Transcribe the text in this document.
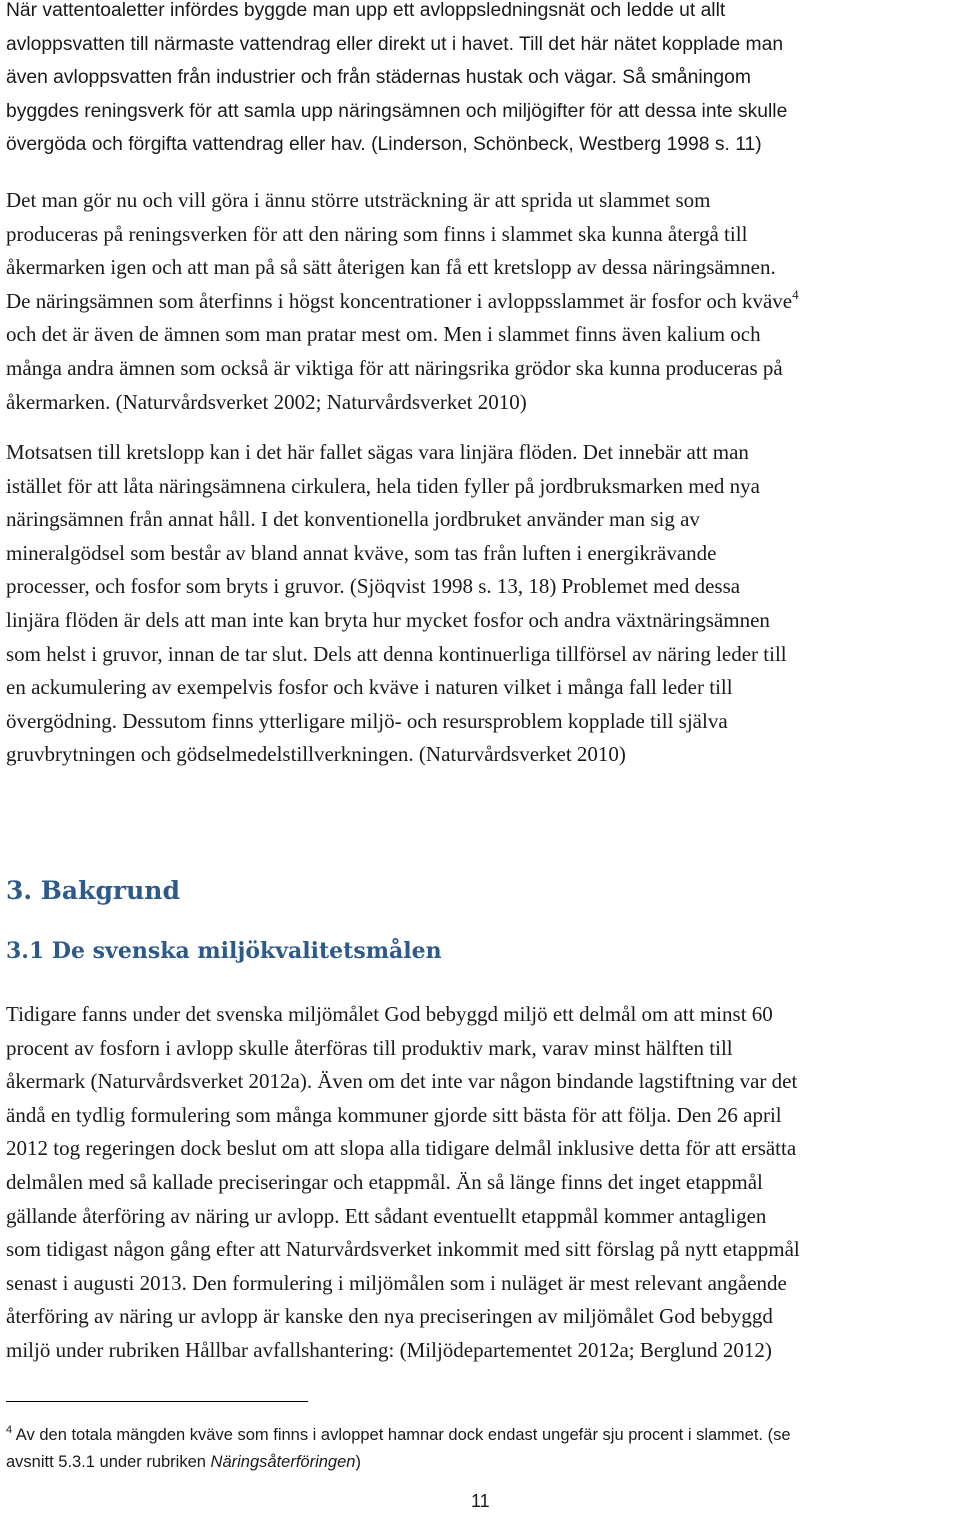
När vattentoaletter infördes byggde man upp ett avloppsledningsnät och ledde ut allt
avloppsvatten till närmaste vattendrag eller direkt ut i havet. Till det här nätet kopplade man
även avloppsvatten från industrier och från städernas hustak och vägar. Så småningom
byggdes reningsverk för att samla upp näringsämnen och miljögifter för att dessa inte skulle
övergöda och förgifta vattendrag eller hav. (Linderson, Schönbeck, Westberg 1998 s. 11)

Det man gör nu och vill göra i ännu större utsträckning är att sprida ut slammet som
produceras på reningsverken för att den näring som finns i slammet ska kunna återgå till
åkermarken igen och att man på så sätt återigen kan få ett kretslopp av dessa näringsämnen.
De näringsämnen som återfinns i högst koncentrationer i avloppsslammet är fosfor och kväve$^4$
och det är även de ämnen som man pratar mest om. Men i slammet finns även kalium och
många andra ämnen som också är viktiga för att näringsrika grödor ska kunna produceras på
åkermarken. (Naturvårdsverket 2002; Naturvårdsverket 2010)

Motsatsen till kretslopp kan i det här fallet sägas vara linjära flöden. Det innebär att man
istället för att låta näringsämnena cirkulera, hela tiden fyller på jordbruksmarken med nya
näringsämnen från annat håll. I det konventionella jordbruket använder man sig av
mineralgödsel som består av bland annat kväve, som tas från luften i energikrävande
processer, och fosfor som bryts i gruvor. (Sjöqvist 1998 s. 13, 18) Problemet med dessa
linjära flöden är dels att man inte kan bryta hur mycket fosfor och andra växtnäringsämnen
som helst i gruvor, innan de tar slut. Dels att denna kontinuerliga tillförsel av näring leder till
en ackumulering av exempelvis fosfor och kväve i naturen vilket i många fall leder till
övergödning. Dessutom finns ytterligare miljö- och resursproblem kopplade till själva
gruvbrytningen och gödselmedelstillverkningen. (Naturvårdsverket 2010)

3. Bakgrund
3.1 De svenska miljökvalitetsmålen

Tidigare fanns under det svenska miljömålet God bebyggd miljö ett delmål om att minst 60
procent av fosforn i avlopp skulle återföras till produktiv mark, varav minst hälften till
åkermark (Naturvårdsverket 2012a). Även om det inte var någon bindande lagstiftning var det
ändå en tydlig formulering som många kommuner gjorde sitt bästa för att följa. Den 26 april
2012 tog regeringen dock beslut om att slopa alla tidigare delmål inklusive detta för att ersätta
delmålen med så kallade preciseringar och etappmål. Än så länge finns det inget etappmål
gällande återföring av näring ur avlopp. Ett sådant eventuellt etappmål kommer antagligen
som tidigast någon gång efter att Naturvårdsverket inkommit med sitt förslag på nytt etappmål
senast i augusti 2013. Den formulering i miljömålen som i nuläget är mest relevant angående
återföring av näring ur avlopp är kanske den nya preciseringen av miljömålet God bebyggd
miljö under rubriken Hållbar avfallshantering: (Miljödepartementet 2012a; Berglund 2012)

$^4$ Av den totala mängden kväve som finns i avloppet hamnar dock endast ungefär sju procent i slammet. (se
avsnitt 5.3.1 under rubriken Näringsåterföringen)

11
